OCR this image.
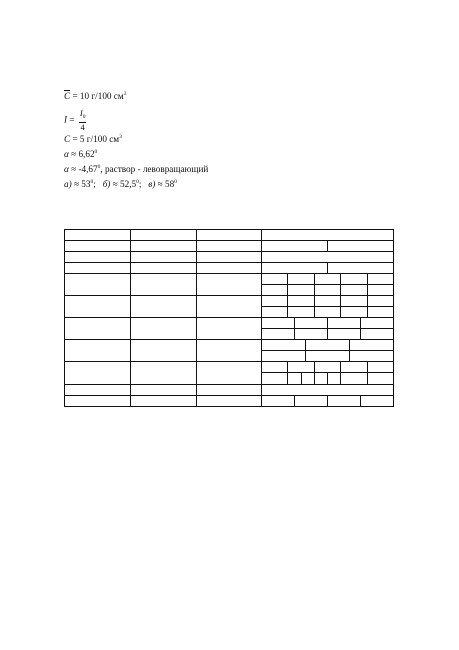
C = 10 г/100 $см^3$
$I = \frac{I_0}{4}$
C = 5 г/100 $см^3$
$\alpha \approx 6,62^0$
$\alpha \approx -4,67^0$, раствор - левовращающий
$а) \approx 53^0$;   $б) \approx 52,5^0$;   $в) \approx 58^0$
